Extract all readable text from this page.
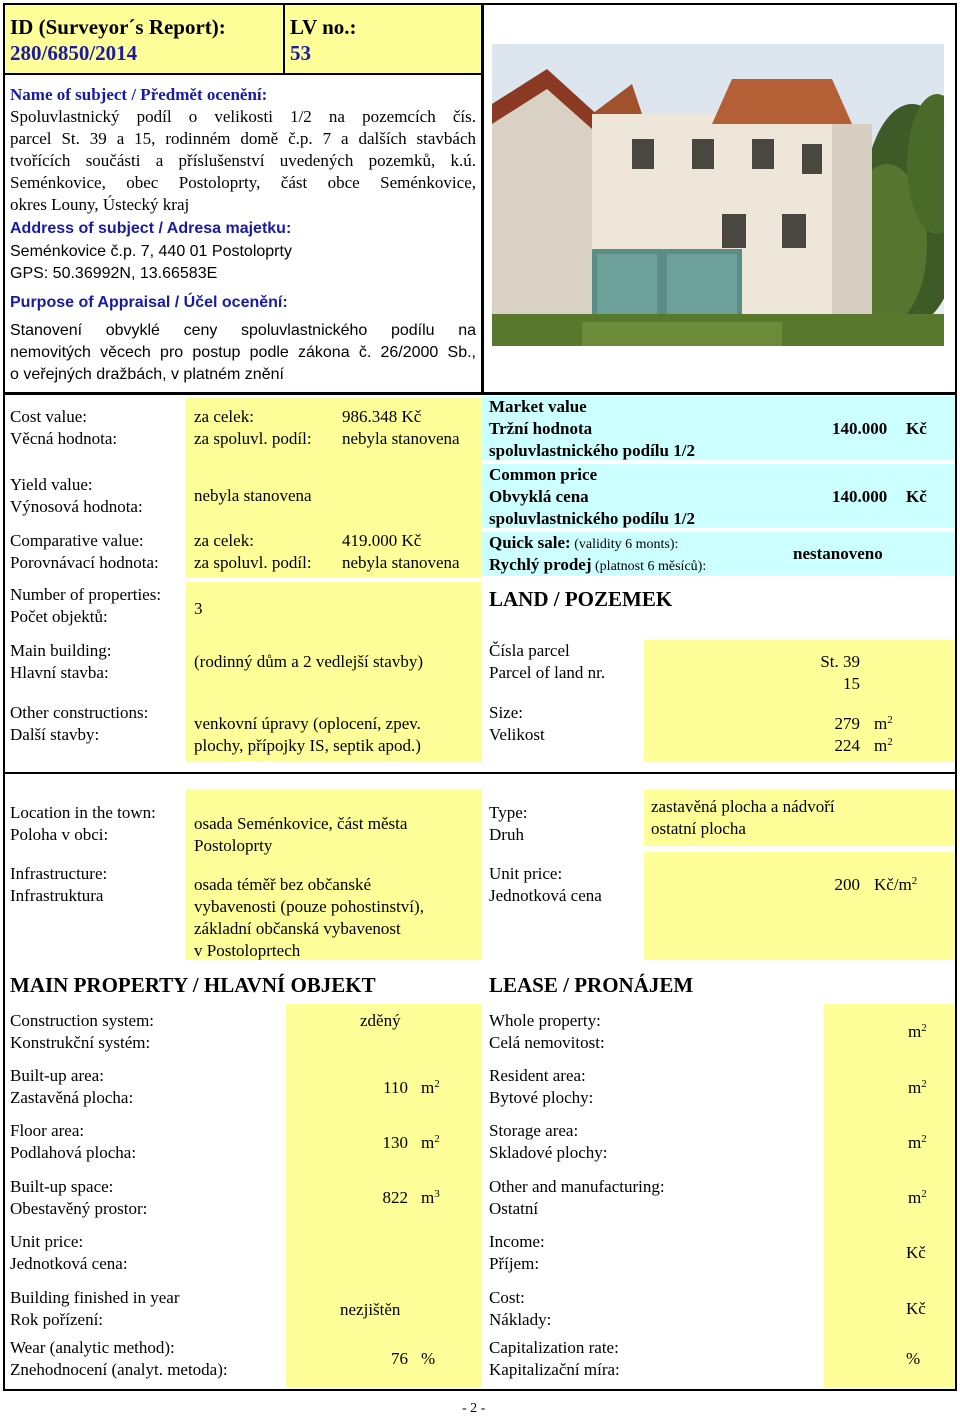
ID (Surveyor´s Report):
280/6850/2014
LV no.:
53
Name of subject / Předmět ocenění:
Spoluvlastnický podíl o velikosti 1/2 na pozemcích čís.
parcel St. 39 a 15, rodinném domě č.p. 7 a dalších stavbách
tvořících součásti a příslušenství uvedených pozemků, k.ú.
Seménkovice, obec Postoloprty, část obce Seménkovice,
okres Louny, Ústecký kraj
Address of subject / Adresa majetku:
Seménkovice č.p. 7, 440 01 Postoloprty
GPS: 50.36992N, 13.66583E
Purpose of Appraisal / Účel ocenění:
Stanovení obvyklé ceny spoluvlastnického podílu na
nemovitých věcech pro postup podle zákona č. 26/2000 Sb.,
o veřejných dražbách, v platném znění
Cost value:
Věcná hodnota:
za celek:
za spoluvl. podíl:
986.348 Kč
nebyla stanovena
Yield value:
Výnosová hodnota:
nebyla stanovena
Comparative value:
Porovnávací hodnota:
za celek:
za spoluvl. podíl:
419.000 Kč
nebyla stanovena
Market value
Tržní hodnota
spoluvlastnického podílu 1/2
140.000 Kč
Common price
Obvyklá cena
spoluvlastnického podílu 1/2
140.000 Kč
Quick sale: (validity 6 monts):
Rychlý prodej (platnost 6 měsíců):
nestanoveno
Number of properties:
Počet objektů:	3
Main building:
Hlavní stavba:
(rodinný dům a 2 vedlejší stavby)
Other constructions:
Další stavby:
venkovní úpravy (oplocení, zpev.
plochy, přípojky IS, septik apod.)
LAND / POZEMEK
Čísla parcel
Parcel of land nr.
St. 39
15
Size:
Velikost
279 $m^2$
224 $m^2$
Location in the town:
Poloha v obci:
osada Seménkovice, část města
Postoloprty
Infrastructure:
Infrastruktura
osada téměř bez občanské
vybavenosti (pouze pohostinství),
základní občanská vybavenost
v Postoloprtech
Type:
Druh
zastavěná plocha a nádvoří
ostatní plocha
Unit price:
Jednotková cena
200 $Kč/m^2$
MAIN PROPERTY / HLAVNÍ OBJEKT
Construction system:
Konstrukční systém:
zděný
Built-up area:
Zastavěná plocha:
110 $m^2$
Floor area:
Podlahová plocha:
130 $m^2$
Built-up space:
Obestavěný prostor:
822 $m^3$
Unit price:
Jednotková cena:
Building finished in year
Rok pořízení:
nezjištěn
Wear (analytic method):
Znehodnocení (analyt. metoda):
76 %
LEASE / PRONÁJEM
Whole property:
Celá nemovitost:
$m^2$
Resident area:
Bytové plochy:
$m^2$
Storage area:
Skladové plochy:
$m^2$
Other and manufacturing:
Ostatní
$m^2$
Income:
Příjem:
Kč
Cost:
Náklady:
Kč
Capitalization rate:
Kapitalizační míra:
%
- 2 -
